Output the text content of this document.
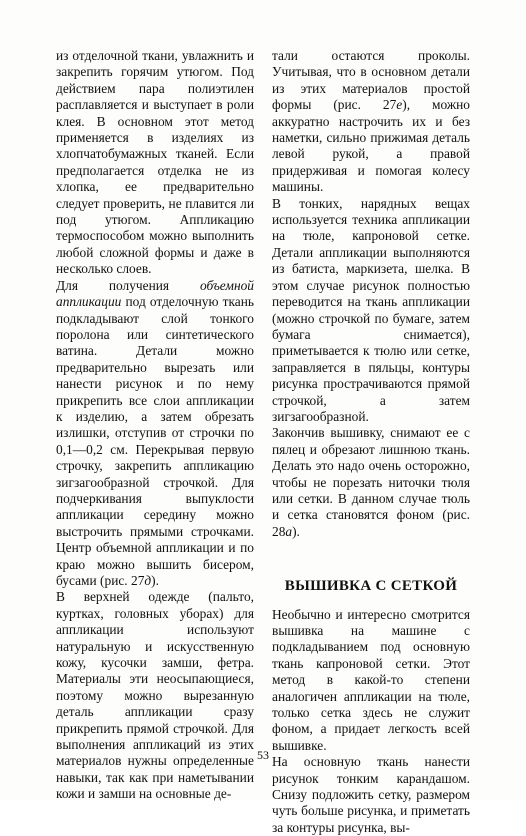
из отделочной ткани, увлажнить и закрепить горячим утюгом. Под действием пара полиэтилен расплавляется и выступает в роли клея. В основном этот метод применяется в изделиях из хлопчатобумажных тканей. Если предполагается отделка не из хлопка, ее предварительно следует проверить, не плавится ли под утюгом. Аппликацию термоспособом можно выполнить любой сложной формы и даже в несколько слоев.

Для получения объемной аппликации под отделочную ткань подкладывают слой тонкого поролона или синтетического ватина. Детали можно предварительно вырезать или нанести рисунок и по нему прикрепить все слои аппликации к изделию, а затем обрезать излишки, отступив от строчки по 0,1—0,2 см. Перекрывая первую строчку, закрепить аппликацию зигзагообразной строчкой. Для подчеркивания выпуклости аппликации середину можно выстрочить прямыми строчками. Центр объемной аппликации и по краю можно вышить бисером, бусами (рис. 27д).

В верхней одежде (пальто, куртках, головных уборах) для аппликации используют натуральную и искусственную кожу, кусочки замши, фетра. Материалы эти неосыпающиеся, поэтому можно вырезанную деталь аппликации сразу прикрепить прямой строчкой. Для выполнения аппликаций из этих материалов нужны определенные навыки, так как при наметывании кожи и замши на основные де-

тали остаются проколы. Учитывая, что в основном детали из этих материалов простой формы (рис. 27е), можно аккуратно настрочить их и без наметки, сильно прижимая деталь левой рукой, а правой придерживая и помогая колесу машины.

В тонких, нарядных вещах используется техника аппликации на тюле, капроновой сетке. Детали аппликации выполняются из батиста, маркизета, шелка. В этом случае рисунок полностью переводится на ткань аппликации (можно строчкой по бумаге, затем бумага снимается), приметывается к тюлю или сетке, заправляется в пяльцы, контуры рисунка прострачиваются прямой строчкой, а затем зигзагообразной.

Закончив вышивку, снимают ее с пялец и обрезают лишнюю ткань. Делать это надо очень осторожно, чтобы не порезать ниточки тюля или сетки. В данном случае тюль и сетка становятся фоном (рис. 28а).

ВЫШИВКА С СЕТКОЙ

Необычно и интересно смотрится вышивка на машине с подкладыванием под основную ткань капроновой сетки. Этот метод в какой-то степени аналогичен аппликации на тюле, только сетка здесь не служит фоном, а придает легкость всей вышивке.

На основную ткань нанести рисунок тонким карандашом. Снизу подложить сетку, размером чуть больше рисунка, и приметать за контуры рисунка, вы-

53
